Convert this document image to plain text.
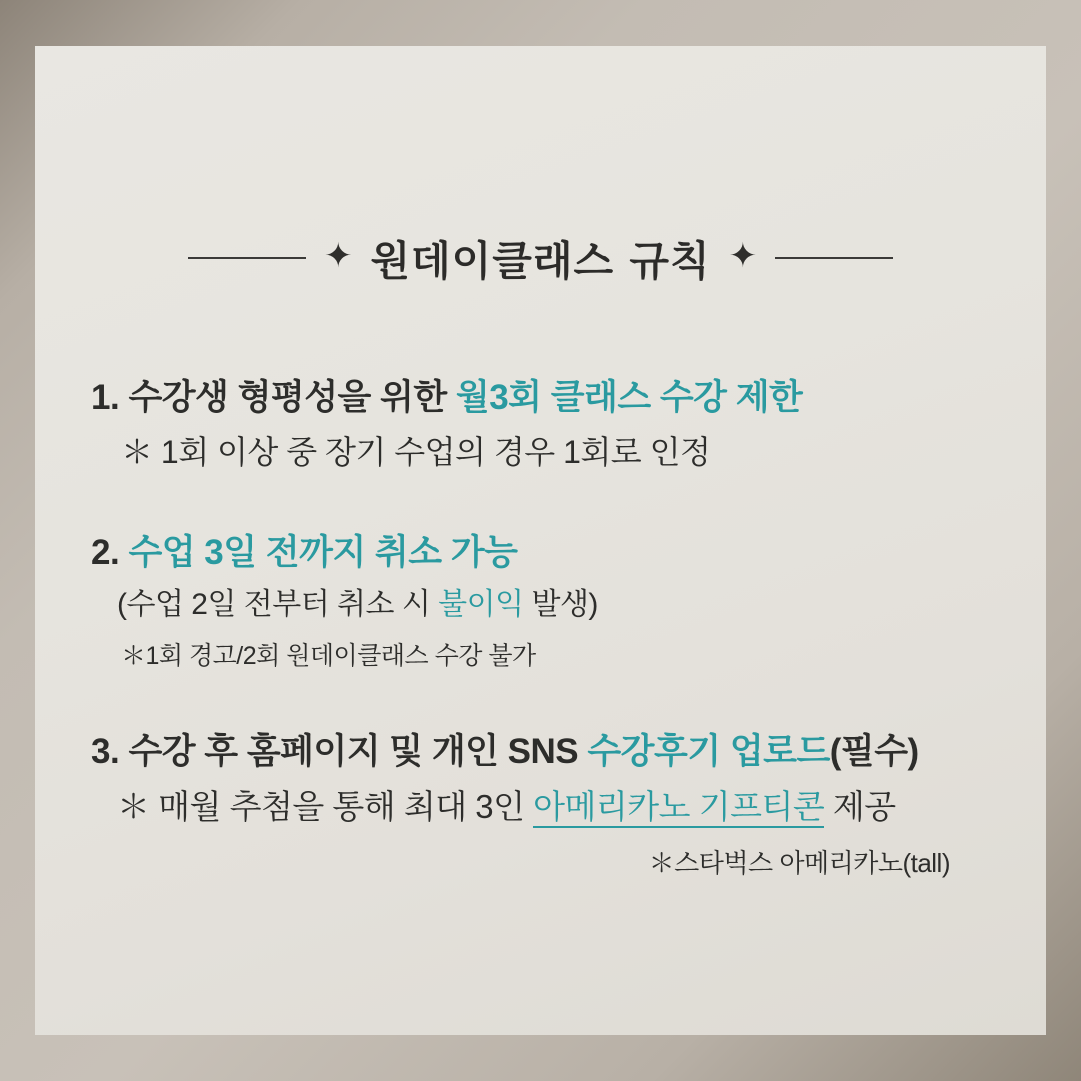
✦ 원데이클래스 규칙 ✦
1. 수강생 형평성을 위한 월3회 클래스 수강 제한
＊ 1회 이상 중 장기 수업의 경우 1회로 인정
2. 수업 3일 전까지 취소 가능
(수업 2일 전부터 취소 시 불이익 발생)
＊1회 경고/2회 원데이클래스 수강 불가
3. 수강 후 홈페이지 및 개인 SNS 수강후기 업로드(필수)
＊ 매월 추첨을 통해 최대 3인 아메리카노 기프티콘 제공
＊스타벅스 아메리카노(tall)
